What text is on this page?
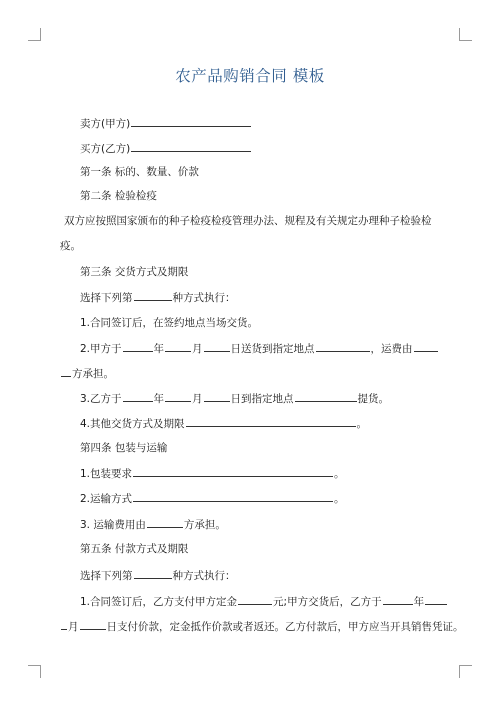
农产品购销合同 模板
卖方(甲方)
买方(乙方)
第一条 标的、数量、价款
第二条 检验检疫
双方应按照国家颁布的种子检疫检疫管理办法、规程及有关规定办理种子检验检
疫。
第三条 交货方式及期限
选择下列第	种方式执行：
1.合同签订后，在签约地点当场交货。
2.甲方于	年	月	日送货到指定地点	，运费由
方承担。
3.乙方于	年	月	日到指定地点	提货。
4.其他交货方式及期限	。
第四条 包装与运输
1.包装要求	。
2.运输方式	。
3. 运输费用由	方承担。
第五条 付款方式及期限
选择下列第	种方式执行：
1.合同签订后，乙方支付甲方定金	元;甲方交货后，乙方于	年
月	日支付价款，定金抵作价款或者返还。乙方付款后，甲方应当开具销售凭证。
